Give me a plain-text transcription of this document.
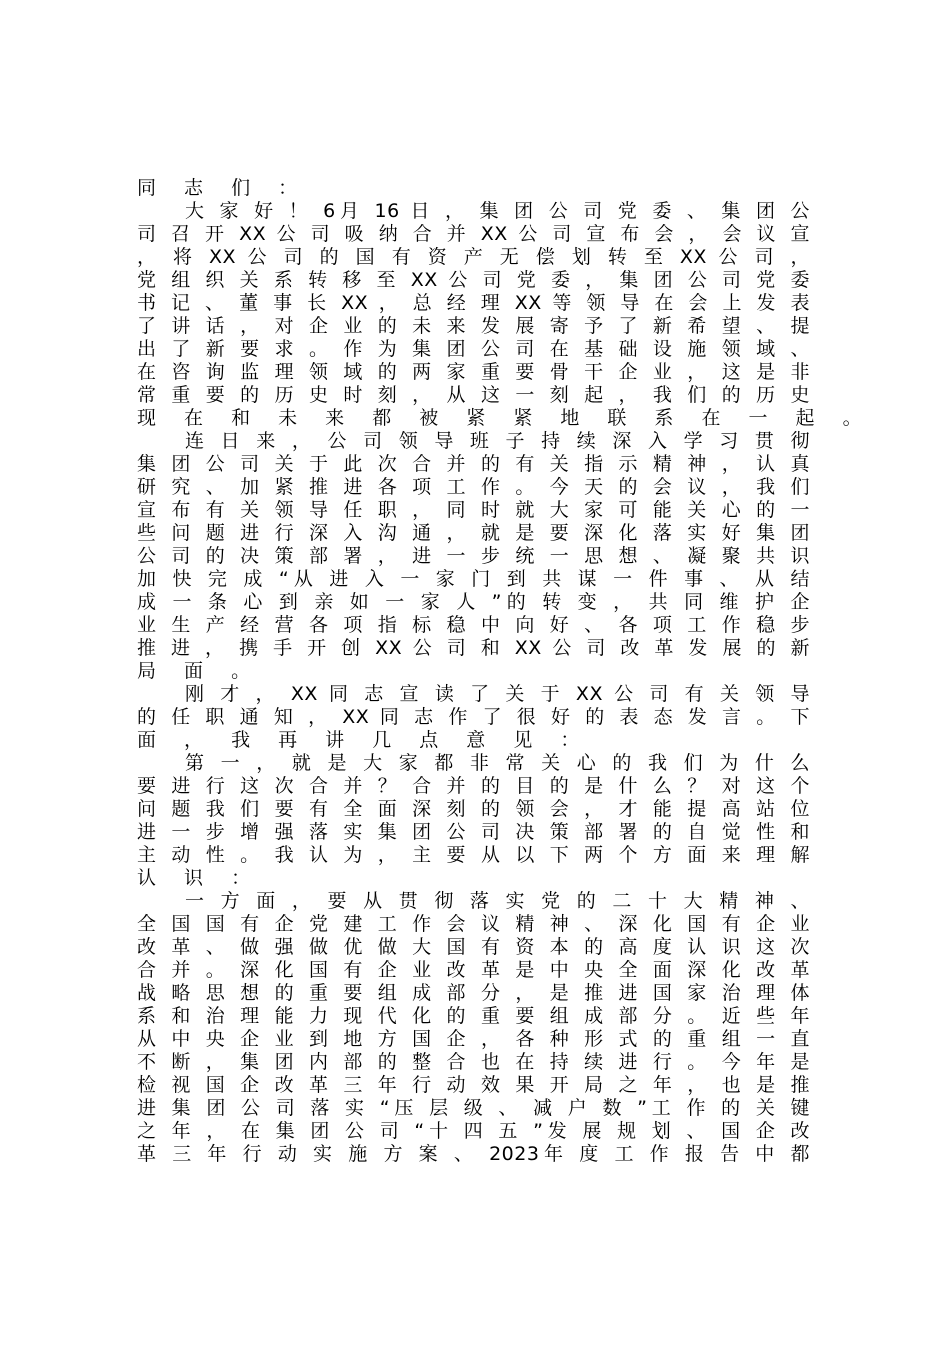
同 志 们 ：
大 家 好 ！ 6月 16 日 ， 集 团 公 司 党 委 、 集 团 公
司 召 开 XX 公 司 吸 纳 合 并 XX 公 司 宣 布 会 ， 会 议 宣
， 将 XX 公 司 的 国 有 资 产 无 偿 划 转 至 XX 公 司 ，
党 组 织 关 系 转 移 至 XX 公 司 党 委 ， 集 团 公 司 党 委
书 记 、 董 事 长 XX ， 总 经 理 XX 等 领 导 在 会 上 发 表
了 讲 话 ， 对 企 业 的 未 来 发 展 寄 予 了 新 希 望 、 提
出 了 新 要 求 。 作 为 集 团 公 司 在 基 础 设 施 领 域 、
在 咨 询 监 理 领 域 的 两 家 重 要 骨 干 企 业 ， 这 是 非
常 重 要 的 历 史 时 刻 ， 从 这 一 刻 起 ， 我 们 的 历 史
现 在 和 未 来 都 被 紧 紧 地 联 系 在 一 起 。
连 日 来 ， 公 司 领 导 班 子 持 续 深 入 学 习 贯 彻
集 团 公 司 关 于 此 次 合 并 的 有 关 指 示 精 神 ， 认 真
研 究 、 加 紧 推 进 各 项 工 作 。 今 天 的 会 议 ， 我 们
宣 布 有 关 领 导 任 职 ， 同 时 就 大 家 可 能 关 心 的 一
些 问 题 进 行 深 入 沟 通 ， 就 是 要 深 化 落 实 好 集 团
公 司 的 决 策 部 署 ， 进 一 步 统 一 思 想 、 凝 聚 共 识
加 快 完 成 “从 进 入 一 家 门 到 共 谋 一 件 事 、 从 结
成 一 条 心 到 亲 如 一 家 人 ”的 转 变 ， 共 同 维 护 企
业 生 产 经 营 各 项 指 标 稳 中 向 好 、 各 项 工 作 稳 步
推 进 ， 携 手 开 创 XX 公 司 和 XX 公 司 改 革 发 展 的 新
局 面 。
刚 才 ， XX 同 志 宣 读 了 关 于 XX 公 司 有 关 领 导
的 任 职 通 知 ， XX 同 志 作 了 很 好 的 表 态 发 言 。 下
面 ， 我 再 讲 几 点 意 见 ：
第 一 ， 就 是 大 家 都 非 常 关 心 的 我 们 为 什 么
要 进 行 这 次 合 并 ？ 合 并 的 目 的 是 什 么 ？ 对 这 个
问 题 我 们 要 有 全 面 深 刻 的 领 会 ， 才 能 提 高 站 位
进 一 步 增 强 落 实 集 团 公 司 决 策 部 署 的 自 觉 性 和
主 动 性 。 我 认 为 ， 主 要 从 以 下 两 个 方 面 来 理 解
认 识 ：
一 方 面 ， 要 从 贯 彻 落 实 党 的 二 十 大 精 神 、
全 国 国 有 企 党 建 工 作 会 议 精 神 、 深 化 国 有 企 业
改 革 、 做 强 做 优 做 大 国 有 资 本 的 高 度 认 识 这 次
合 并 。 深 化 国 有 企 业 改 革 是 中 央 全 面 深 化 改 革
战 略 思 想 的 重 要 组 成 部 分 ， 是 推 进 国 家 治 理 体
系 和 治 理 能 力 现 代 化 的 重 要 组 成 部 分 。 近 些 年
从 中 央 企 业 到 地 方 国 企 ， 各 种 形 式 的 重 组 一 直
不 断 ， 集 团 内 部 的 整 合 也 在 持 续 进 行 。 今 年 是
检 视 国 企 改 革 三 年 行 动 效 果 开 局 之 年 ， 也 是 推
进 集 团 公 司 落 实 “压 层 级 、 减 户 数 ”工 作 的 关 键
之 年 ， 在 集 团 公 司 “十 四 五 ”发 展 规 划 、 国 企 改
革 三 年 行 动 实 施 方 案 、 2023年 度 工 作 报 告 中 都
